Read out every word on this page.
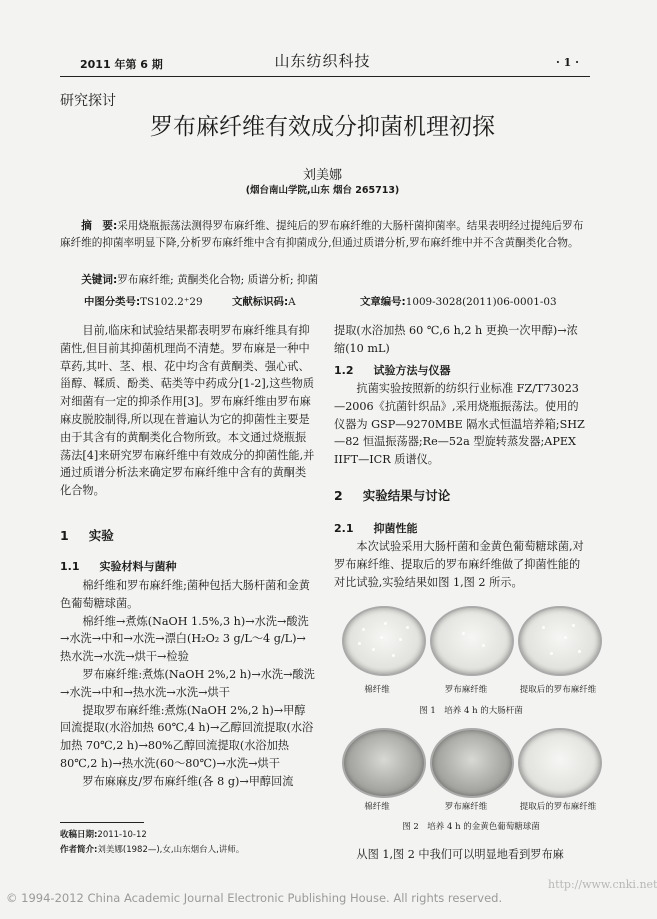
2011 年第 6 期	山东纺织科技	· 1 ·
研究探讨
罗布麻纤维有效成分抑菌机理初探
刘美娜
(烟台南山学院,山东 烟台 265713)
摘　要:采用烧瓶振荡法测得罗布麻纤维、提纯后的罗布麻纤维的大肠杆菌抑菌率。结果表明经过提纯后罗布麻纤维的抑菌率明显下降,分析罗布麻纤维中含有抑菌成分,但通过质谱分析,罗布麻纤维中并不含黄酮类化合物。
关键词:罗布麻纤维; 黄酮类化合物; 质谱分析; 抑菌
中图分类号:TS102.2⁺29	文献标识码:A	文章编号:1009-3028(2011)06-0001-03

目前,临床和试验结果都表明罗布麻纤维具有抑菌性,但目前其抑菌机理尚不清楚。罗布麻是一种中草药,其叶、茎、根、花中均含有黄酮类、强心甙、甾醇、鞣质、酚类、萜类等中药成分[1-2],这些物质对细菌有一定的抑杀作用[3]。罗布麻纤维由罗布麻麻皮脱胶制得,所以现在普遍认为它的抑菌性主要是由于其含有的黄酮类化合物所致。本文通过烧瓶振荡法[4]来研究罗布麻纤维中有效成分的抑菌性能,并通过质谱分析法来确定罗布麻纤维中含有的黄酮类化合物。

1 实验
1.1 实验材料与菌种

棉纤维和罗布麻纤维;菌种包括大肠杆菌和金黄色葡萄糖球菌。

棉纤维→煮炼(NaOH 1.5%,3 h)→水洗→酸洗→水洗→中和→水洗→漂白(H₂O₂ 3 g/L～4 g/L)→热水洗→水洗→烘干→检验

罗布麻纤维:煮炼(NaOH 2%,2 h)→水洗→酸洗→水洗→中和→热水洗→水洗→烘干

提取罗布麻纤维:煮炼(NaOH 2%,2 h)→甲醇回流提取(水浴加热 60℃,4 h)→乙醇回流提取(水浴加热 70℃,2 h)→80%乙醇回流提取(水浴加热 80℃,2 h)→热水洗(60～80℃)→水洗→烘干

罗布麻麻皮/罗布麻纤维(各 8 g)→甲醇回流

提取(水浴加热 60 ℃,6 h,2 h 更换一次甲醇)→浓缩(10 mL)

1.2 试验方法与仪器

抗菌实验按照新的纺织行业标准 FZ/T73023—2006《抗菌针织品》,采用烧瓶振荡法。使用的仪器为 GSP—9270MBE 隔水式恒温培养箱;SHZ—82 恒温振荡器;Re—52a 型旋转蒸发器;APEX IIFT—ICR 质谱仪。

2 实验结果与讨论
2.1 抑菌性能

本次试验采用大肠杆菌和金黄色葡萄糖球菌,对罗布麻纤维、提取后的罗布麻纤维做了抑菌性能的对比试验,实验结果如图 1,图 2 所示。

棉纤维	罗布麻纤维	提取后的罗布麻纤维
图 1　培养 4 h 的大肠杆菌
棉纤维	罗布麻纤维	提取后的罗布麻纤维
图 2　培养 4 h 的金黄色葡萄糖球菌

从图 1,图 2 中我们可以明显地看到罗布麻

收稿日期:2011-10-12
作者简介:刘美娜(1982—),女,山东烟台人,讲师。
© 1994-2012 China Academic Journal Electronic Publishing House. All rights reserved.
http://www.cnki.net
